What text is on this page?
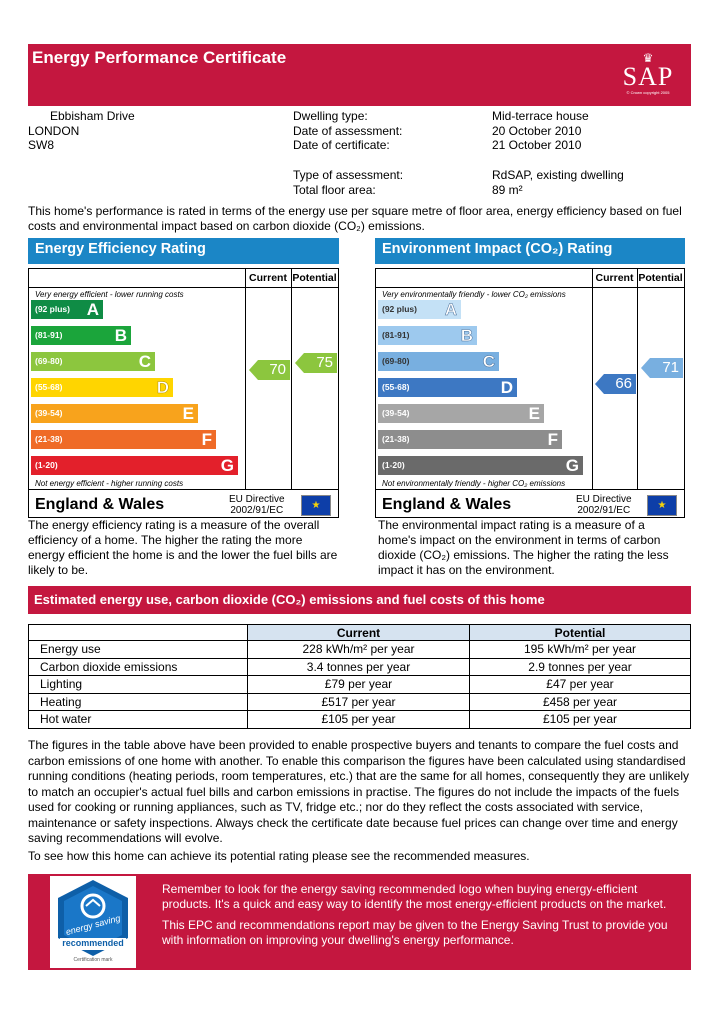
Energy Performance Certificate	♛
SAP
© Crown copyright 2005
Ebbisham Drive
LONDON
SW8
Dwelling type:	Mid-terrace house
Date of assessment:	20 October 2010
Date of certificate:	21 October 2010
Type of assessment:	RdSAP, existing dwelling
Total floor area:	89 m²
This home's performance is rated in terms of the energy use per square metre of floor area, energy efficiency based on fuel costs and environmental impact based on carbon dioxide (CO₂) emissions.
Energy Efficiency Rating
Current Potential
Very energy efficient - lower running costs
Not energy efficient - higher running costs
(92 plus) A
(81-91)	B
(69-80)	C
(55-68)	D
(39-54)	E
(21-38)	F
(1-20)	G
70 75
England & Wales	EU Directive
2002/91/EC	★
The energy efficiency rating is a measure of the overall efficiency of a home. The higher the rating the more energy efficient the home is and the lower the fuel bills are likely to be.
Environment Impact (CO₂) Rating
Current Potential
Very environmentally friendly - lower CO₂ emissions
Not environmentally friendly - higher CO₂ emissions
(92 plus) A
(81-91)	B
(69-80)	C
(55-68)	D
(39-54)	E
(21-38)	F
(1-20)	G
66
71
England & Wales	EU Directive
2002/91/EC	★
The environmental impact rating is a measure of a home's impact on the environment in terms of carbon dioxide (CO₂) emissions. The higher the rating the less impact it has on the environment.
Estimated energy use, carbon dioxide (CO₂) emissions and fuel costs of this home
	Current	Potential
Energy use	228 kWh/m² per year	195 kWh/m² per year
Carbon dioxide emissions	3.4 tonnes per year	2.9 tonnes per year
Lighting	£79 per year	£47 per year
Heating	£517 per year	£458 per year
Hot water	£105 per year	£105 per year
The figures in the table above have been provided to enable prospective buyers and tenants to compare the fuel costs and carbon emissions of one home with another. To enable this comparison the figures have been calculated using standardised running conditions (heating periods, room temperatures, etc.) that are the same for all homes, consequently they are unlikely to match an occupier's actual fuel bills and carbon emissions in practise. The figures do not include the impacts of the fuels used for cooking or running appliances, such as TV, fridge etc.; nor do they reflect the costs associated with service, maintenance or safety inspections. Always check the certificate date because fuel prices can change over time and energy saving recommendations will evolve.
To see how this home can achieve its potential rating please see the recommended measures.
energy saving
recommended
Certification mark
Remember to look for the energy saving recommended logo when buying energy-efficient products. It's a quick and easy way to identify the most energy-efficient products on the market.
This EPC and recommendations report may be given to the Energy Saving Trust to provide you with information on improving your dwelling's energy performance.
